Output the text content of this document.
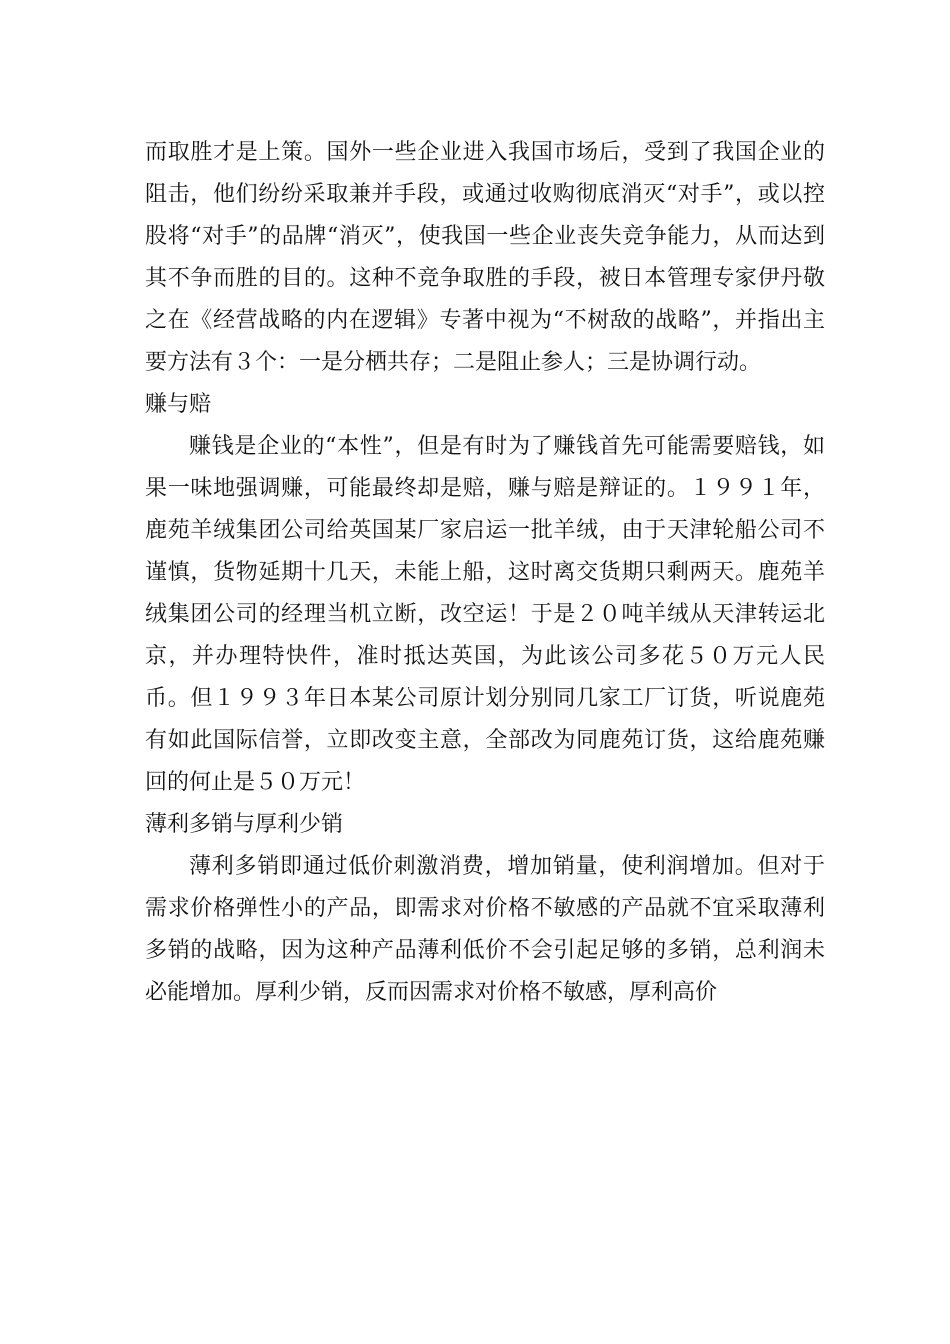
而取胜才是上策。国外一些企业进入我国市场后，受到了我国企业的阻击，他们纷纷采取兼并手段，或通过收购彻底消灭“对手”，或以控股将“对手”的品牌“消灭”，使我国一些企业丧失竞争能力，从而达到其不争而胜的目的。这种不竞争取胜的手段，被日本管理专家伊丹敬之在《经营战略的内在逻辑》专著中视为“不树敌的战略”，并指出主要方法有３个：一是分栖共存；二是阻止参人；三是协调行动。

赚与赔

赚钱是企业的“本性”，但是有时为了赚钱首先可能需要赔钱，如果一味地强调赚，可能最终却是赔，赚与赔是辩证的。１９９１年，鹿苑羊绒集团公司给英国某厂家启运一批羊绒，由于天津轮船公司不谨慎，货物延期十几天，未能上船，这时离交货期只剩两天。鹿苑羊绒集团公司的经理当机立断，改空运！于是２０吨羊绒从天津转运北京，并办理特快件，准时抵达英国，为此该公司多花５０万元人民币。但１９９３年日本某公司原计划分别同几家工厂订货，听说鹿苑有如此国际信誉，立即改变主意，全部改为同鹿苑订货，这给鹿苑赚回的何止是５０万元！

薄利多销与厚利少销

薄利多销即通过低价刺激消费，增加销量，使利润增加。但对于需求价格弹性小的产品，即需求对价格不敏感的产品就不宜采取薄利多销的战略，因为这种产品薄利低价不会引起足够的多销，总利润未必能增加。厚利少销，反而因需求对价格不敏感，厚利高价
